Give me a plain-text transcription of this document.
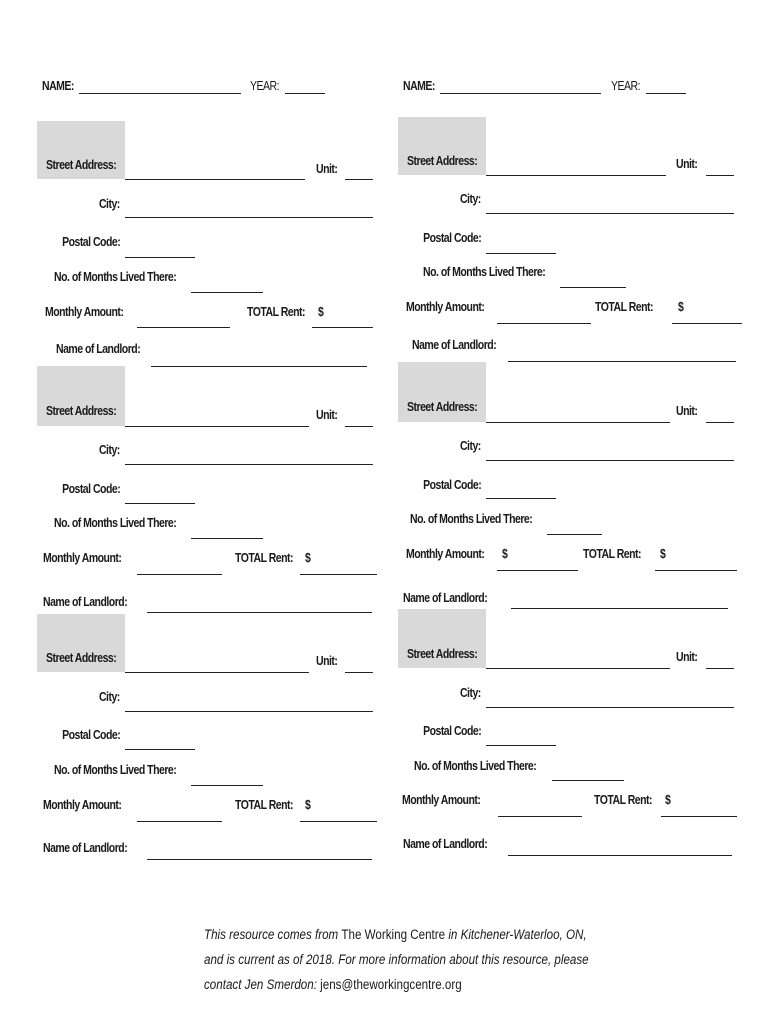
NAME:	YEAR:	NAME:	YEAR:
Street Address:	Unit:
City:
Postal Code:
No. of Months Lived There:
Monthly Amount:	TOTAL Rent: $
Name of Landlord:
Street Address:	Unit:
City:
Postal Code:
No. of Months Lived There:
Monthly Amount:	TOTAL Rent: $
Name of Landlord:
Street Address:	Unit:
City:
Postal Code:
No. of Months Lived There:
Monthly Amount:	TOTAL Rent: $
Name of Landlord:
Street Address:	Unit:
City:
Postal Code:
No. of Months Lived There:
Monthly Amount:	TOTAL Rent: $
Name of Landlord:
Street Address:	Unit:
City:
Postal Code:
No. of Months Lived There:
Monthly Amount: $	TOTAL Rent: $
Name of Landlord:
Street Address:	Unit:
City:
Postal Code:
No. of Months Lived There:
Monthly Amount:	TOTAL Rent: $
Name of Landlord:
This resource comes from The Working Centre in Kitchener-Waterloo, ON,
and is current as of 2018. For more information about this resource, please
contact Jen Smerdon: jens@theworkingcentre.org
